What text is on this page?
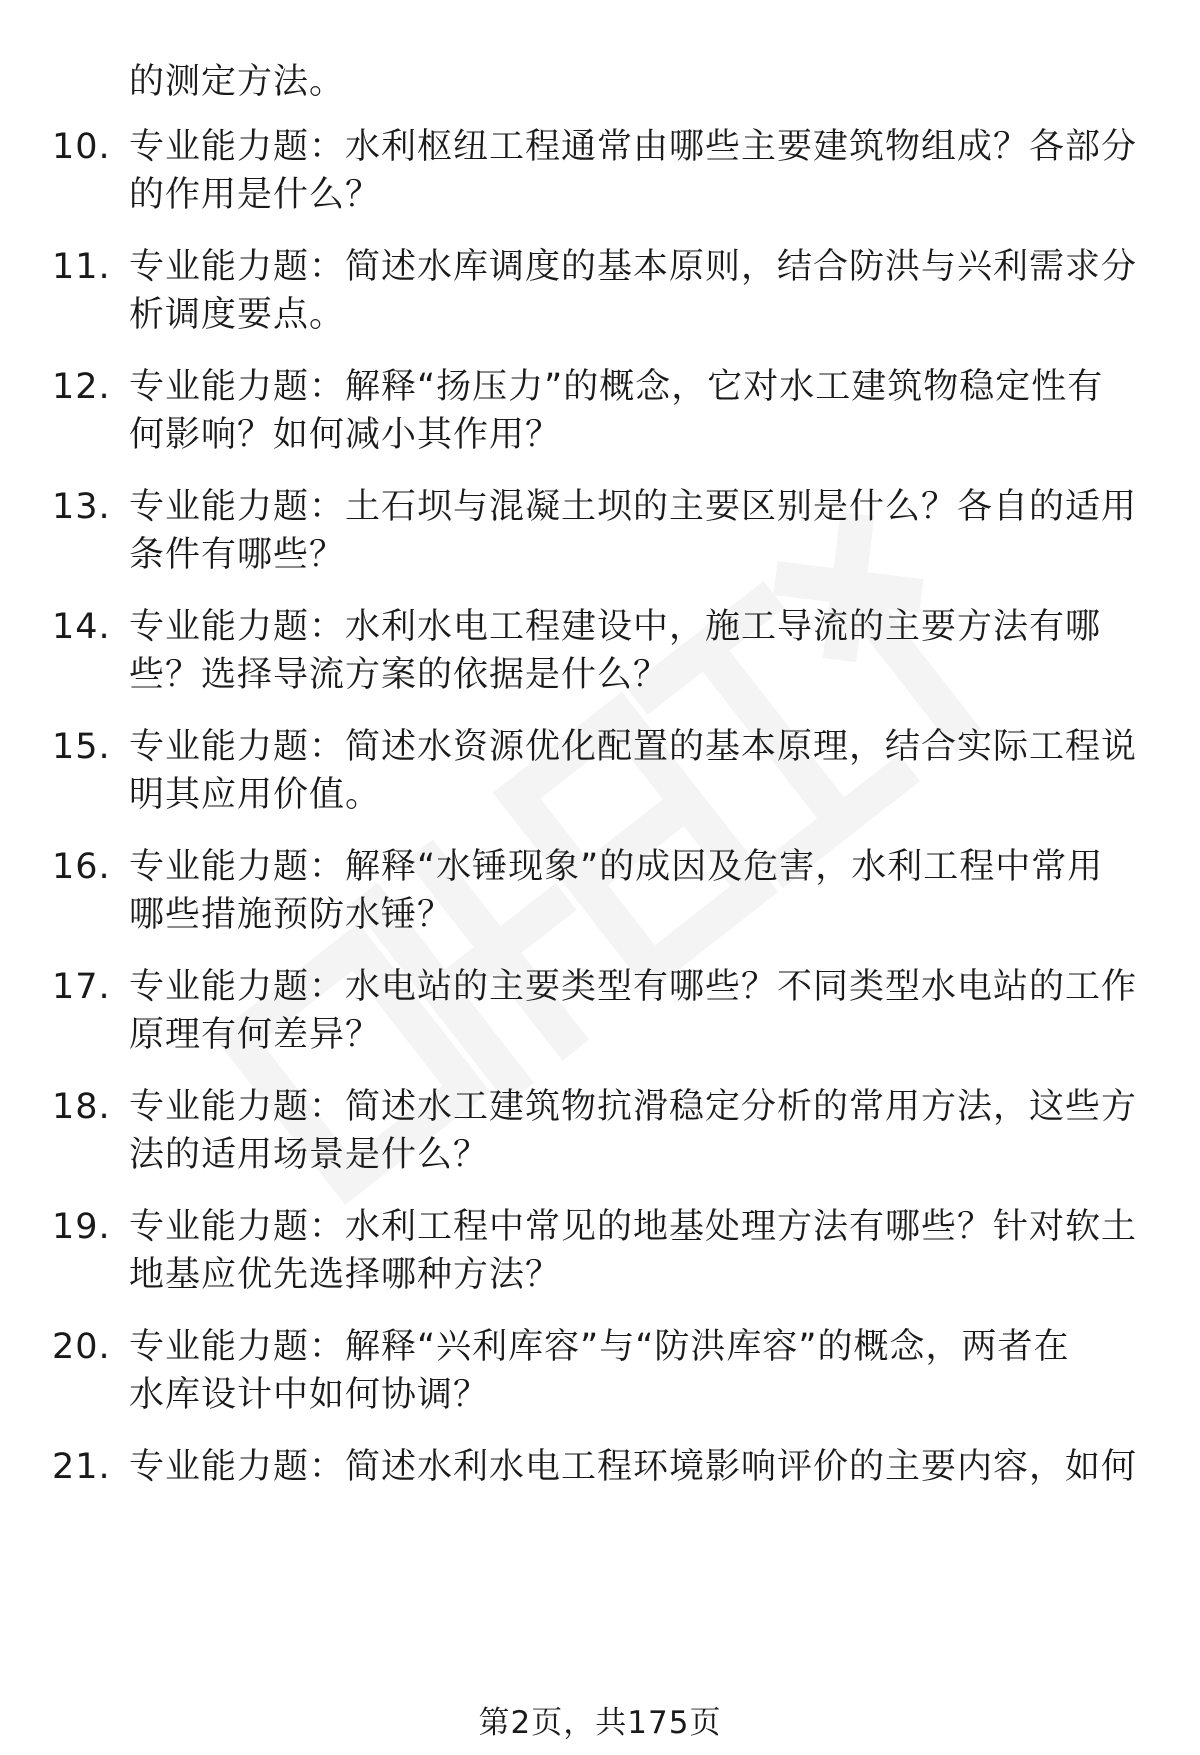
的测定方法。
10. 专业能力题：水利枢纽工程通常由哪些主要建筑物组成？各部分
的作用是什么？
11. 专业能力题：简述水库调度的基本原则，结合防洪与兴利需求分
析调度要点。
12. 专业能力题：解释“扬压力”的概念，它对水工建筑物稳定性有
何影响？如何减小其作用？
13. 专业能力题：土石坝与混凝土坝的主要区别是什么？各自的适用
条件有哪些？
14. 专业能力题：水利水电工程建设中，施工导流的主要方法有哪
些？选择导流方案的依据是什么？
15. 专业能力题：简述水资源优化配置的基本原理，结合实际工程说
明其应用价值。
16. 专业能力题：解释“水锤现象”的成因及危害，水利工程中常用
哪些措施预防水锤？
17. 专业能力题：水电站的主要类型有哪些？不同类型水电站的工作
原理有何差异？
18. 专业能力题：简述水工建筑物抗滑稳定分析的常用方法，这些方
法的适用场景是什么？
19. 专业能力题：水利工程中常见的地基处理方法有哪些？针对软土
地基应优先选择哪种方法？
20. 专业能力题：解释“兴利库容”与“防洪库容”的概念，两者在
水库设计中如何协调？
21. 专业能力题：简述水利水电工程环境影响评价的主要内容，如何
第2页，共175页
